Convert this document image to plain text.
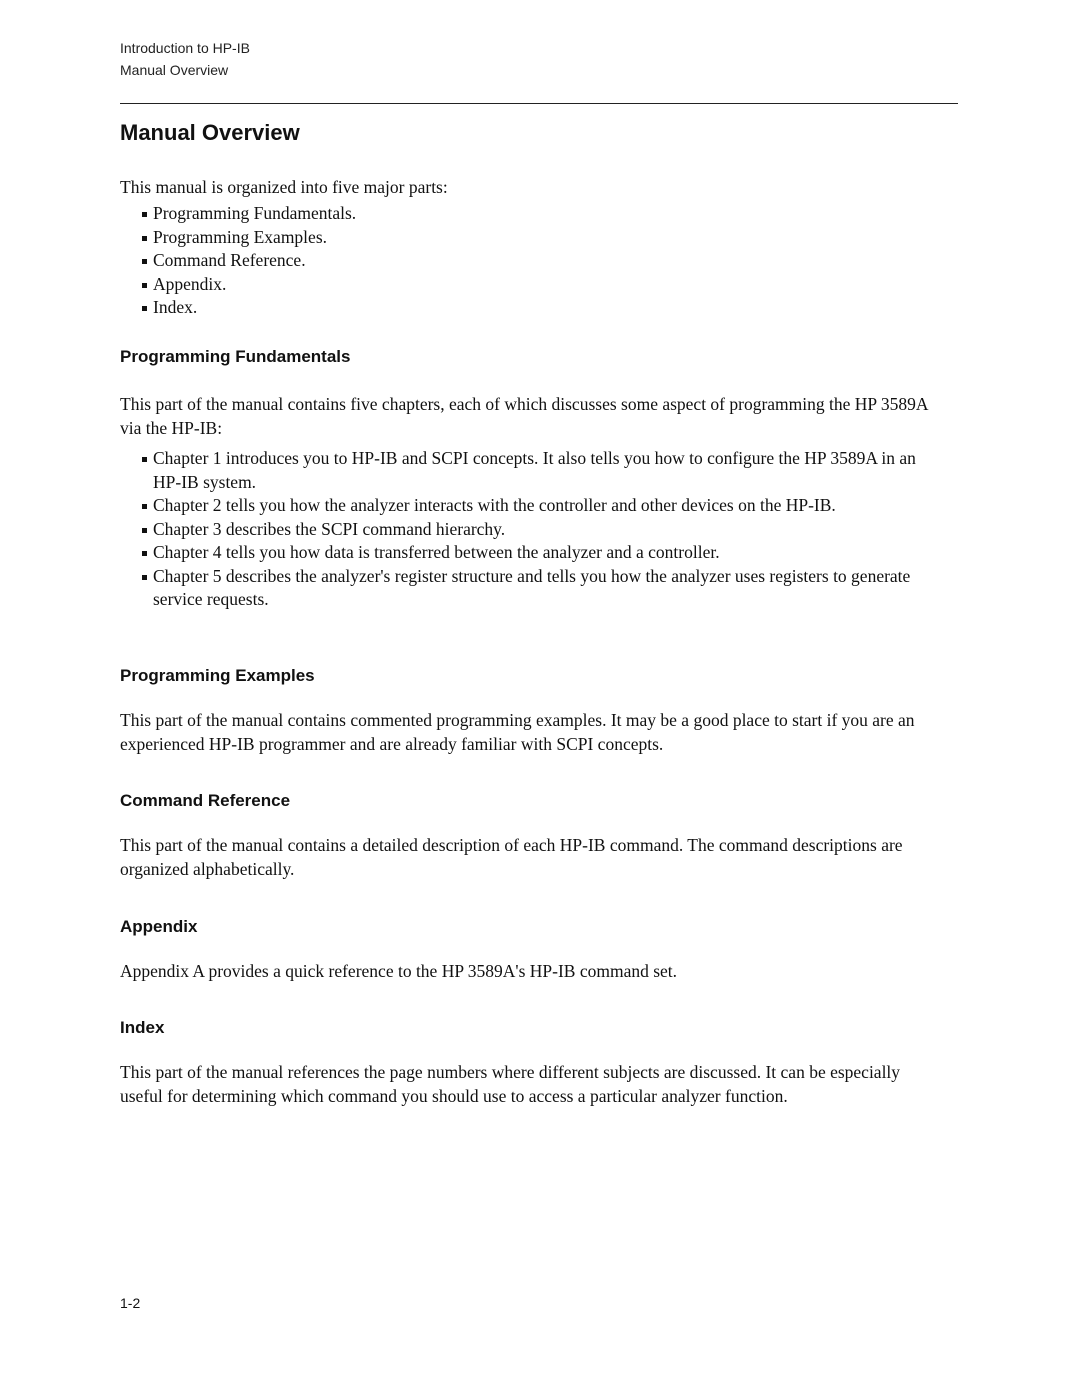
Introduction to HP-IB
Manual Overview
Manual Overview

This manual is organized into five major parts:

Programming Fundamentals.
Programming Examples.
Command Reference.
Appendix.
Index.
Programming Fundamentals

This part of the manual contains five chapters, each of which discusses some aspect of programming the HP 3589A via the HP-IB:

Chapter 1 introduces you to HP-IB and SCPI concepts. It also tells you how to configure the HP 3589A in an HP-IB system.
Chapter 2 tells you how the analyzer interacts with the controller and other devices on the HP-IB.
Chapter 3 describes the SCPI command hierarchy.
Chapter 4 tells you how data is transferred between the analyzer and a controller.
Chapter 5 describes the analyzer's register structure and tells you how the analyzer uses registers to generate service requests.
Programming Examples

This part of the manual contains commented programming examples. It may be a good place to start if you are an experienced HP-IB programmer and are already familiar with SCPI concepts.

Command Reference

This part of the manual contains a detailed description of each HP-IB command. The command descriptions are organized alphabetically.

Appendix

Appendix A provides a quick reference to the HP 3589A's HP-IB command set.

Index

This part of the manual references the page numbers where different subjects are discussed. It can be especially useful for determining which command you should use to access a particular analyzer function.

1-2
